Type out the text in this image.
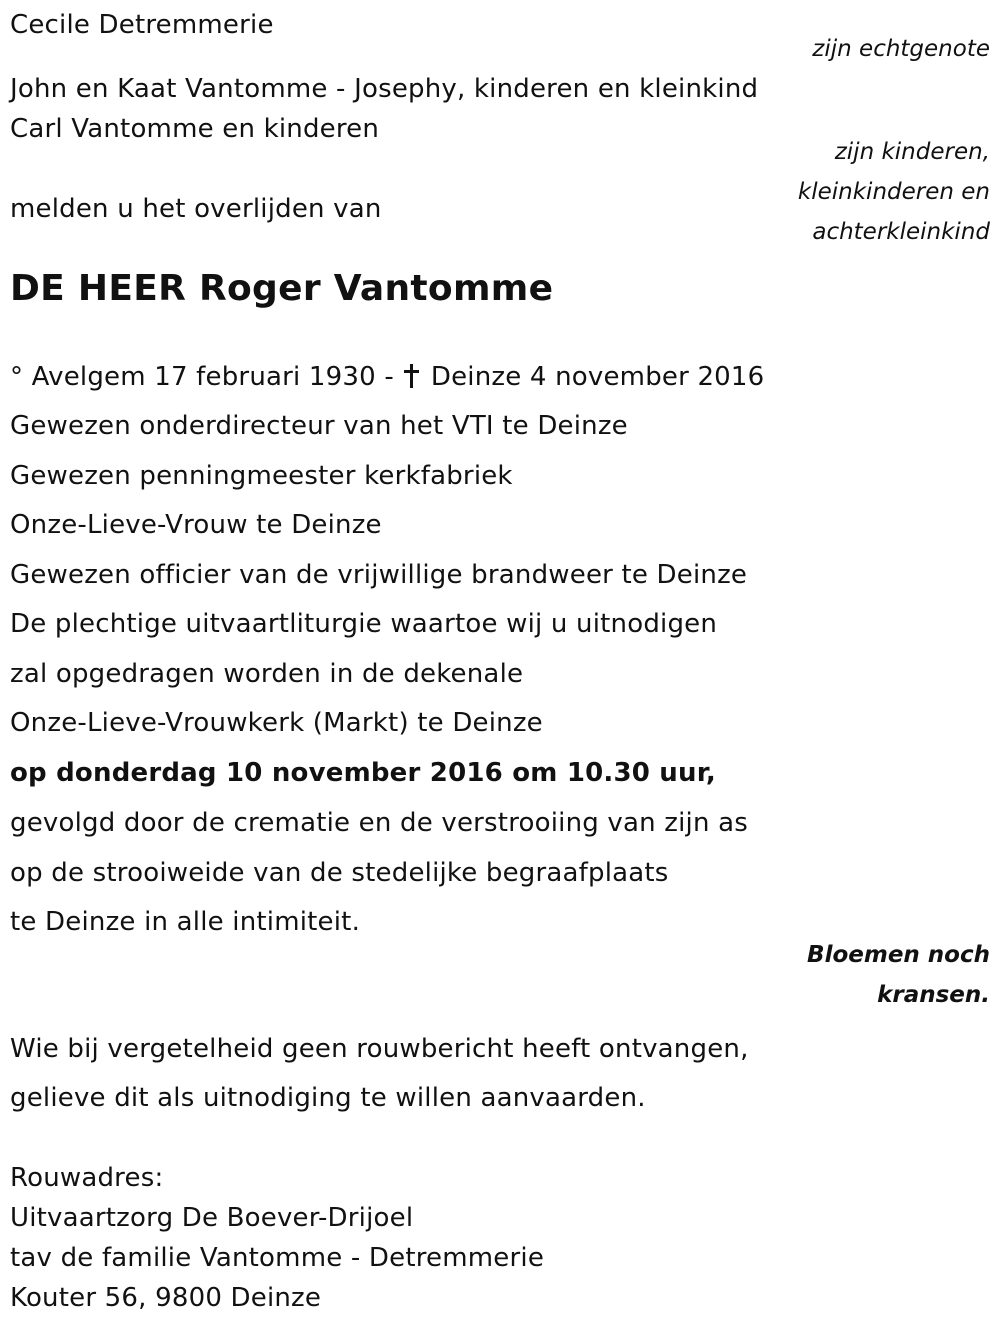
Cecile Detremmerie
zijn echtgenote
John en Kaat Vantomme - Josephy, kinderen en kleinkind
Carl Vantomme en kinderen
zijn kinderen,
kleinkinderen en
achterkleinkind
melden u het overlijden van
DE HEER Roger Vantomme
° Avelgem 17 februari 1930 - Deinze 4 november 2016
Gewezen onderdirecteur van het VTI te Deinze
Gewezen penningmeester kerkfabriek
Onze-Lieve-Vrouw te Deinze
Gewezen officier van de vrijwillige brandweer te Deinze
De plechtige uitvaartliturgie waartoe wij u uitnodigen
zal opgedragen worden in de dekenale
Onze-Lieve-Vrouwkerk (Markt) te Deinze
op donderdag 10 november 2016 om 10.30 uur,
gevolgd door de crematie en de verstrooiing van zijn as
op de strooiweide van de stedelijke begraafplaats
te Deinze in alle intimiteit.
Bloemen noch
kransen.
Wie bij vergetelheid geen rouwbericht heeft ontvangen,
gelieve dit als uitnodiging te willen aanvaarden.
Rouwadres:
Uitvaartzorg De Boever-Drijoel
tav de familie Vantomme - Detremmerie
Kouter 56, 9800 Deinze
